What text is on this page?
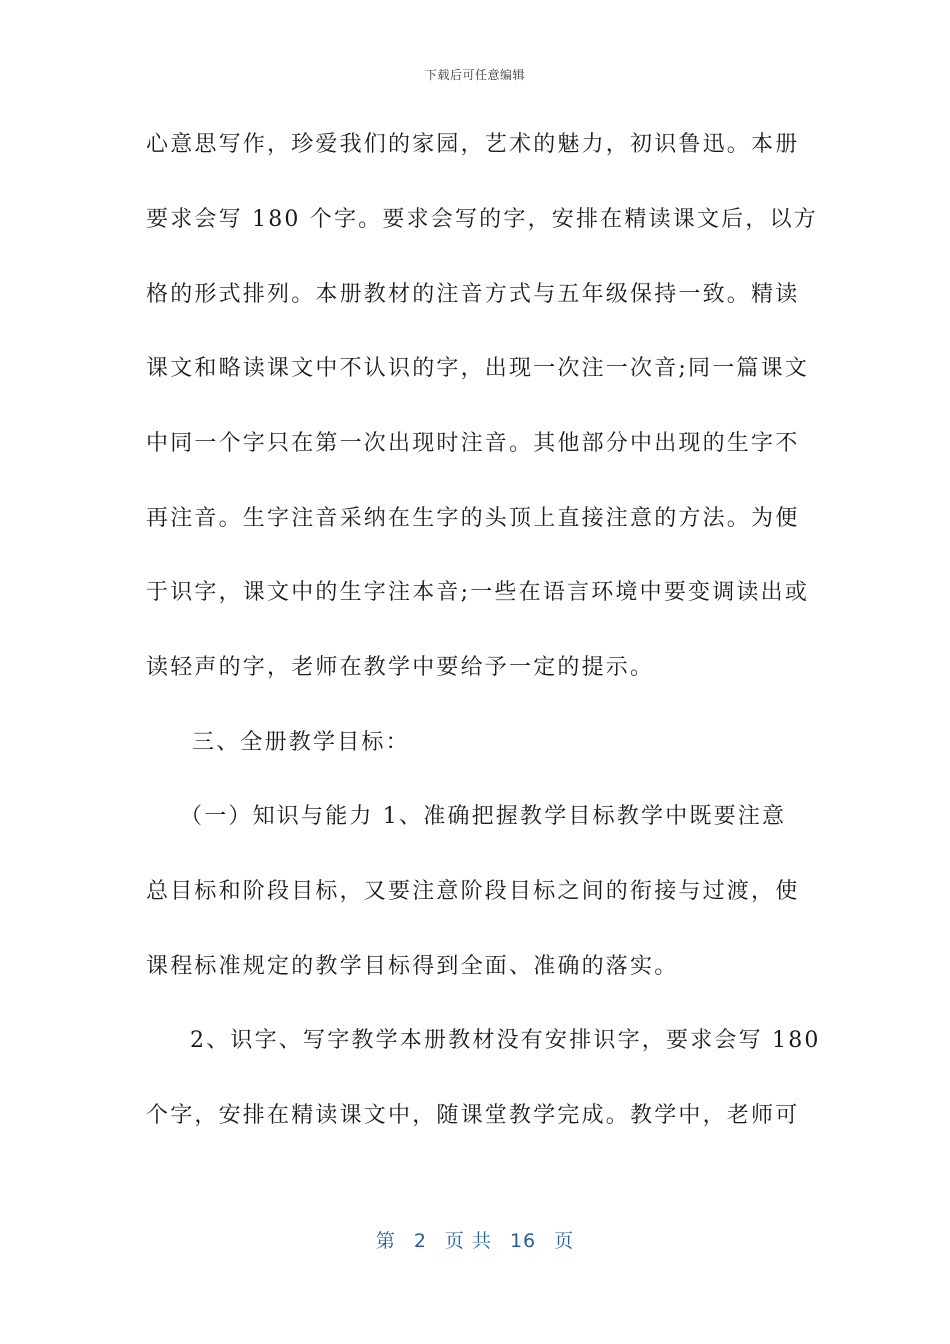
下载后可任意编辑
心意思写作，珍爱我们的家园，艺术的魅力，初识鲁迅。本册
要求会写 180 个字。要求会写的字，安排在精读课文后，以方
格的形式排列。本册教材的注音方式与五年级保持一致。精读
课文和略读课文中不认识的字，出现一次注一次音;同一篇课文
中同一个字只在第一次出现时注音。其他部分中出现的生字不
再注音。生字注音采纳在生字的头顶上直接注意的方法。为便
于识字，课文中的生字注本音;一些在语言环境中要变调读出或
读轻声的字，老师在教学中要给予一定的提示。
三、全册教学目标：
（一）知识与能力 1、准确把握教学目标教学中既要注意
总目标和阶段目标，又要注意阶段目标之间的衔接与过渡，使
课程标准规定的教学目标得到全面、准确的落实。
2、识字、写字教学本册教材没有安排识字，要求会写 180
个字，安排在精读课文中，随课堂教学完成。教学中，老师可
第 2 页 共 16 页
